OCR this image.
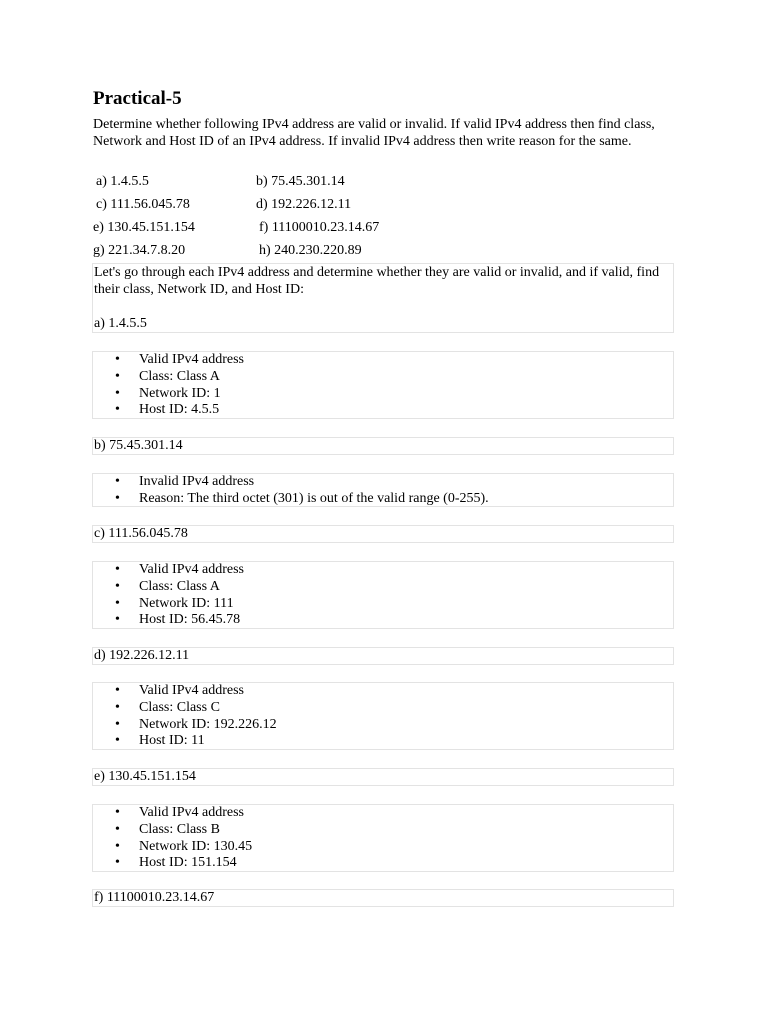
Practical-5

Determine whether following IPv4 address are valid or invalid. If valid IPv4 address then find class, Network and Host ID of an IPv4 address. If invalid IPv4 address then write reason for the same.

a) 1.4.5.5	b) 75.45.301.14
c) 111.56.045.78	d) 192.226.12.11
e) 130.45.151.154	f) 11100010.23.14.67
g) 221.34.7.8.20	h) 240.230.220.89

Let's go through each IPv4 address and determine whether they are valid or invalid, and if valid, find their class, Network ID, and Host ID:

a) 1.4.5.5

• Valid IPv4 address
• Class: Class A
• Network ID: 1
• Host ID: 4.5.5
b) 75.45.301.14
• Invalid IPv4 address
• Reason: The third octet (301) is out of the valid range (0-255).
c) 111.56.045.78
• Valid IPv4 address
• Class: Class A
• Network ID: 111
• Host ID: 56.45.78
d) 192.226.12.11
• Valid IPv4 address
• Class: Class C
• Network ID: 192.226.12
• Host ID: 11
e) 130.45.151.154
• Valid IPv4 address
• Class: Class B
• Network ID: 130.45
• Host ID: 151.154
f) 11100010.23.14.67
